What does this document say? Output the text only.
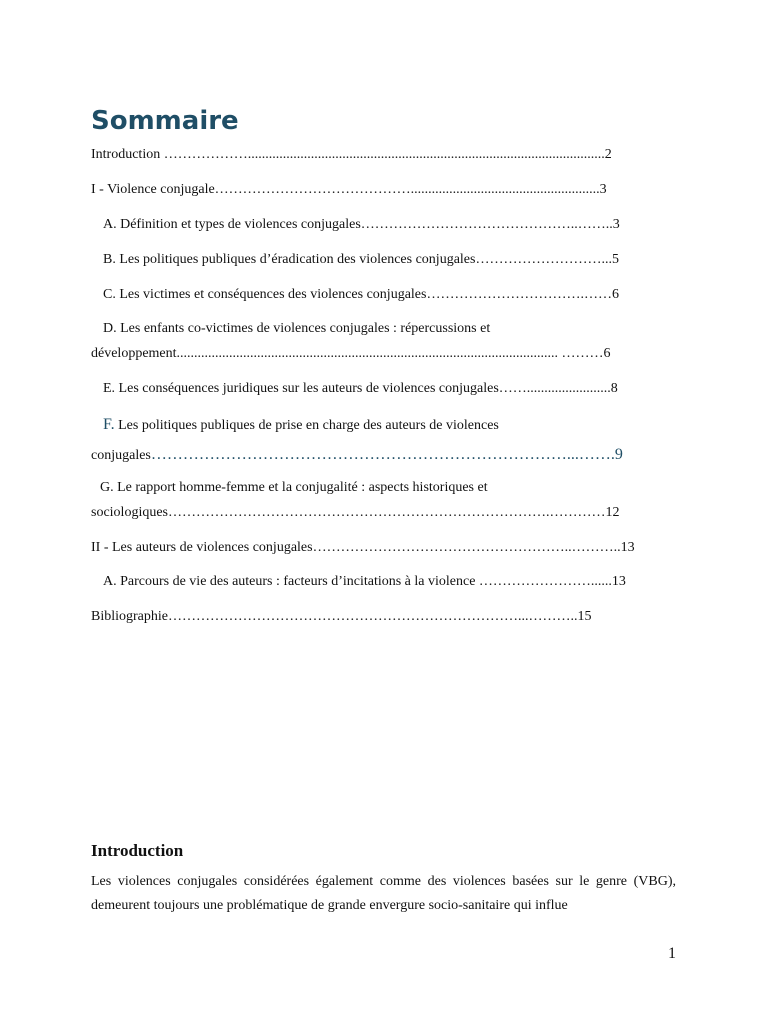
Sommaire
Introduction ………………......................................................................................................2
I - Violence conjugale……………………………………......................................................3
A. Définition et types de violences conjugales………………………………………..……..3
B. Les politiques publiques d’éradication des violences conjugales………………………...5
C. Les victimes et conséquences des violences conjugales…………………………….……6
D. Les enfants co-victimes de violences conjugales : répercussions et
développement............................................................................................................. ………6
E. Les conséquences juridiques sur les auteurs de violences conjugales……........................8
F. Les politiques publiques de prise en charge des auteurs de violences
conjugales……………………………………………………………………...…….9
G. Le rapport homme-femme et la conjugalité : aspects historiques et
sociologiques……………………………………………………………………….…………12
II - Les auteurs de violences conjugales………………………………………………..………..13
A. Parcours de vie des auteurs : facteurs d’incitations à la violence ……………………......13
Bibliographie…………………………………………………………………...………..15
Introduction

Les violences conjugales considérées également comme des violences basées sur le genre (VBG), demeurent toujours une problématique de grande envergure socio-sanitaire qui influe

1
